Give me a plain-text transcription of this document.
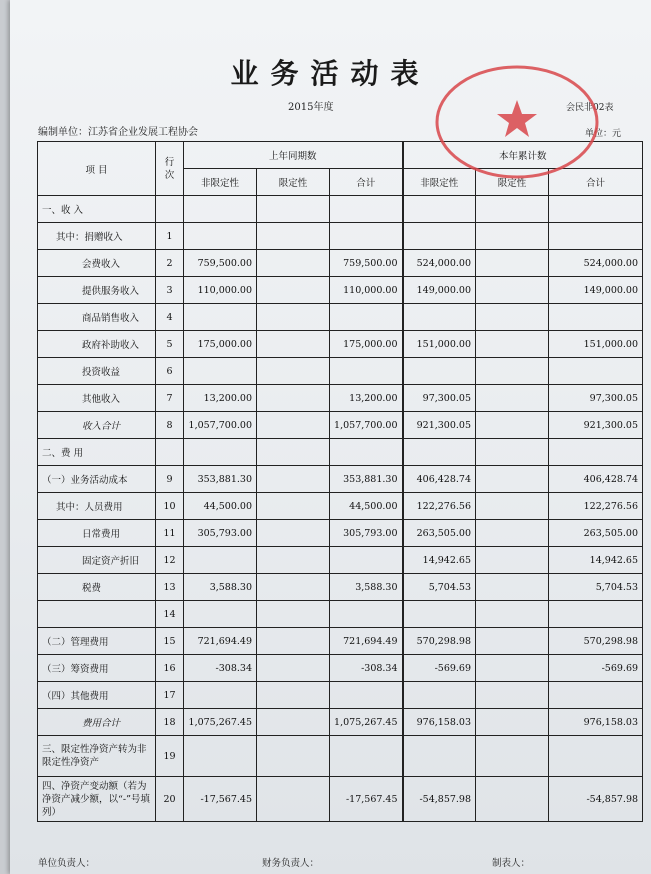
业务活动表
2015年度	会民非02表
编制单位：江苏省企业发展工程协会	单位：元
项 目	行 次	上年同期数			本年累计数		
		非限定性	限定性	合计	非限定性	限定性	合计
一、收 入							
其中：捐赠收入	1						
会费收入	2	759,500.00		759,500.00	524,000.00		524,000.00
提供服务收入	3	110,000.00		110,000.00	149,000.00		149,000.00
商品销售收入	4						
政府补助收入	5	175,000.00		175,000.00	151,000.00		151,000.00
投资收益	6						
其他收入	7	13,200.00		13,200.00	97,300.05		97,300.05
收入合计	8	1,057,700.00		1,057,700.00	921,300.05		921,300.05
二、费 用							
（一）业务活动成本	9	353,881.30		353,881.30	406,428.74		406,428.74
其中：人员费用	10	44,500.00		44,500.00	122,276.56		122,276.56
日常费用	11	305,793.00		305,793.00	263,505.00		263,505.00
固定资产折旧	12				14,942.65		14,942.65
税费	13	3,588.30		3,588.30	5,704.53		5,704.53
	14						
（二）管理费用	15	721,694.49		721,694.49	570,298.98		570,298.98
（三）筹资费用	16	-308.34		-308.34	-569.69		-569.69
（四）其他费用	17						
费用合计	18	1,075,267.45		1,075,267.45	976,158.03		976,158.03
三、限定性净资产转为非限定性净资产	19						
四、净资产变动额（若为净资产减少额，以“-”号填列）	20	-17,567.45		-17,567.45	-54,857.98		-54,857.98
单位负责人：	财务负责人：	制表人：
